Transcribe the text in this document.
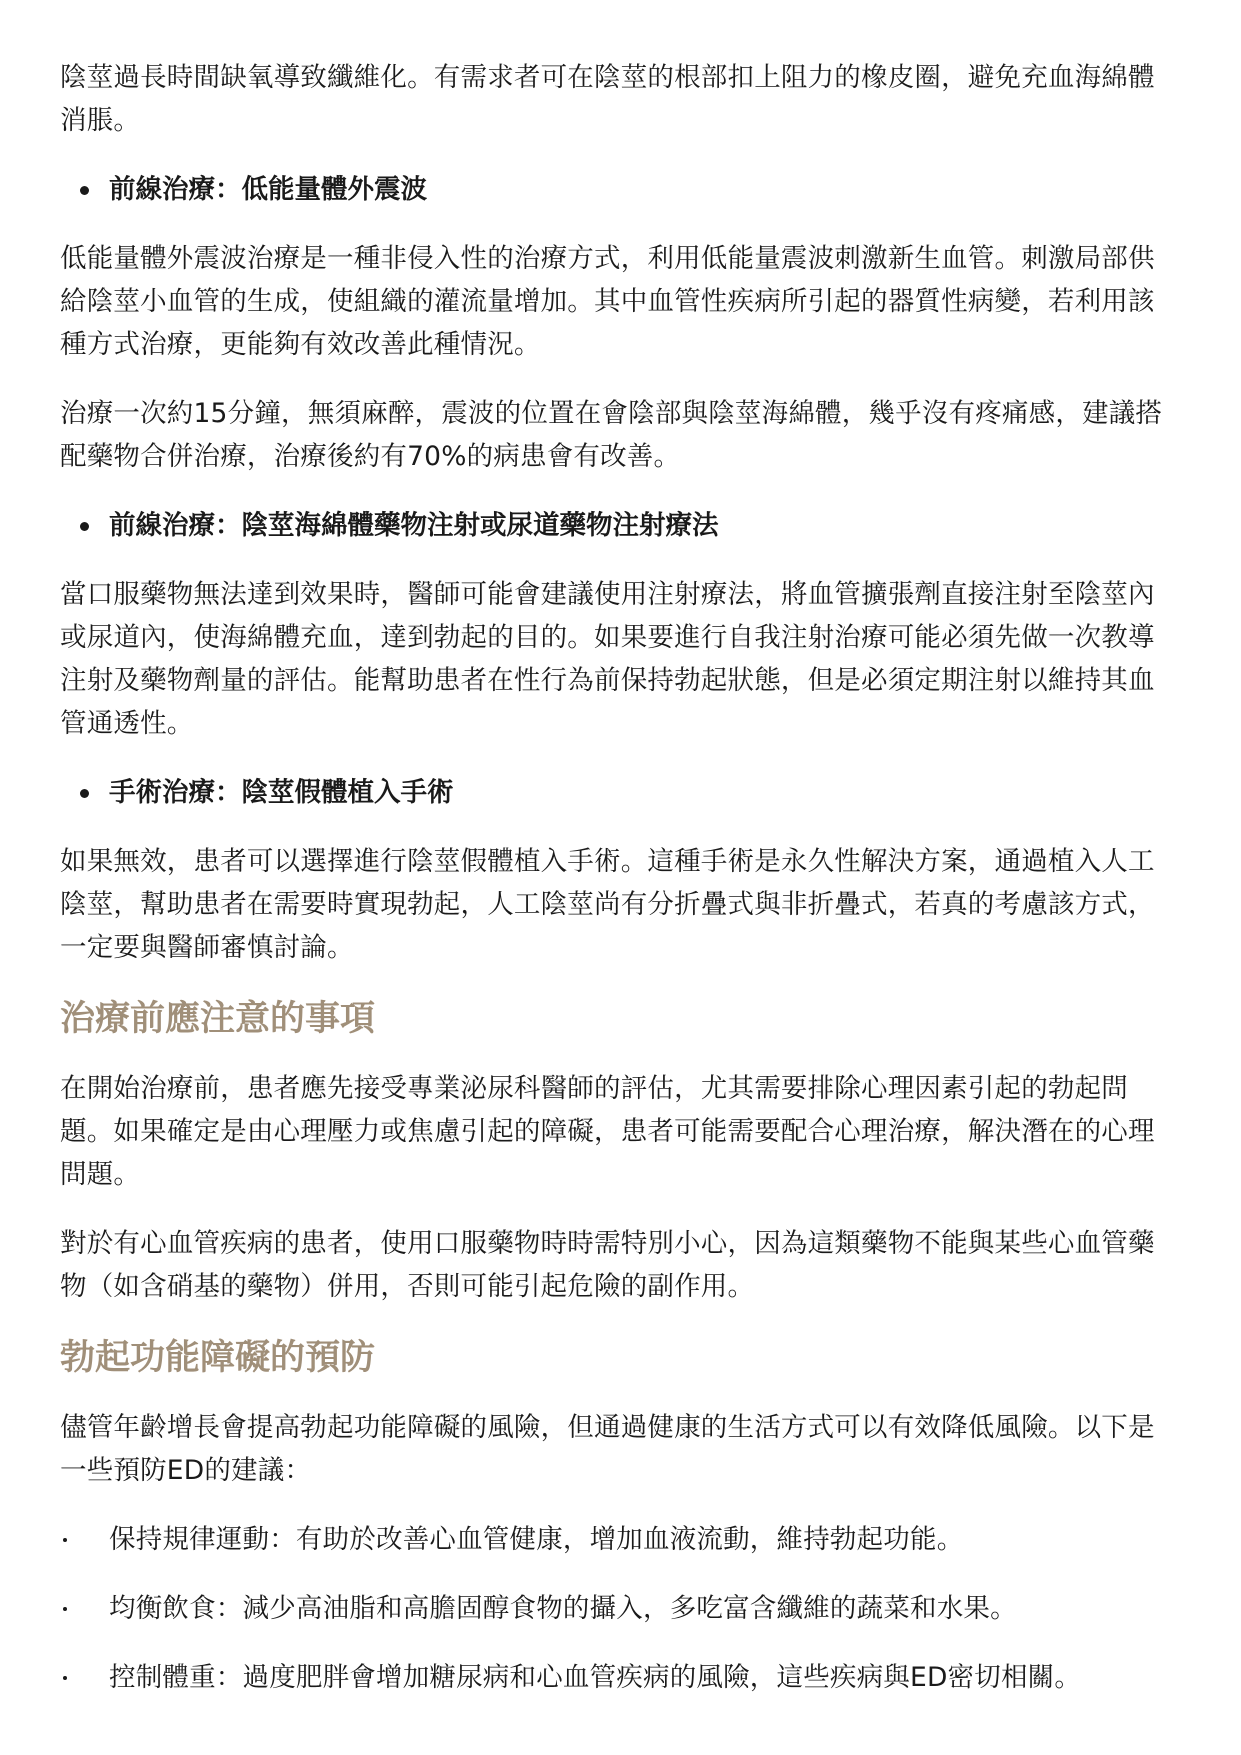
陰莖過長時間缺氧導致纖維化。有需求者可在陰莖的根部扣上阻力的橡皮圈，避免充血海綿體消脹。

前線治療：低能量體外震波

低能量體外震波治療是一種非侵入性的治療方式，利用低能量震波刺激新生血管。刺激局部供給陰莖小血管的生成，使組織的灌流量增加。其中血管性疾病所引起的器質性病變，若利用該種方式治療，更能夠有效改善此種情況。

治療一次約15分鐘，無須麻醉，震波的位置在會陰部與陰莖海綿體，幾乎沒有疼痛感，建議搭配藥物合併治療，治療後約有70%的病患會有改善。

前線治療：陰莖海綿體藥物注射或尿道藥物注射療法

當口服藥物無法達到效果時，醫師可能會建議使用注射療法，將血管擴張劑直接注射至陰莖內或尿道內，使海綿體充血，達到勃起的目的。如果要進行自我注射治療可能必須先做一次教導注射及藥物劑量的評估。能幫助患者在性行為前保持勃起狀態，但是必須定期注射以維持其血管通透性。

手術治療：陰莖假體植入手術

如果無效，患者可以選擇進行陰莖假體植入手術。這種手術是永久性解決方案，通過植入人工陰莖，幫助患者在需要時實現勃起，人工陰莖尚有分折疊式與非折疊式，若真的考慮該方式，一定要與醫師審慎討論。

治療前應注意的事項

在開始治療前，患者應先接受專業泌尿科醫師的評估，尤其需要排除心理因素引起的勃起問題。如果確定是由心理壓力或焦慮引起的障礙，患者可能需要配合心理治療，解決潛在的心理問題。

對於有心血管疾病的患者，使用口服藥物時時需特別小心，因為這類藥物不能與某些心血管藥物（如含硝基的藥物）併用，否則可能引起危險的副作用。

勃起功能障礙的預防

儘管年齡增長會提高勃起功能障礙的風險，但通過健康的生活方式可以有效降低風險。以下是一些預防ED的建議：

保持規律運動：有助於改善心血管健康，增加血液流動，維持勃起功能。
均衡飲食：減少高油脂和高膽固醇食物的攝入，多吃富含纖維的蔬菜和水果。
控制體重：過度肥胖會增加糖尿病和心血管疾病的風險，這些疾病與ED密切相關。
